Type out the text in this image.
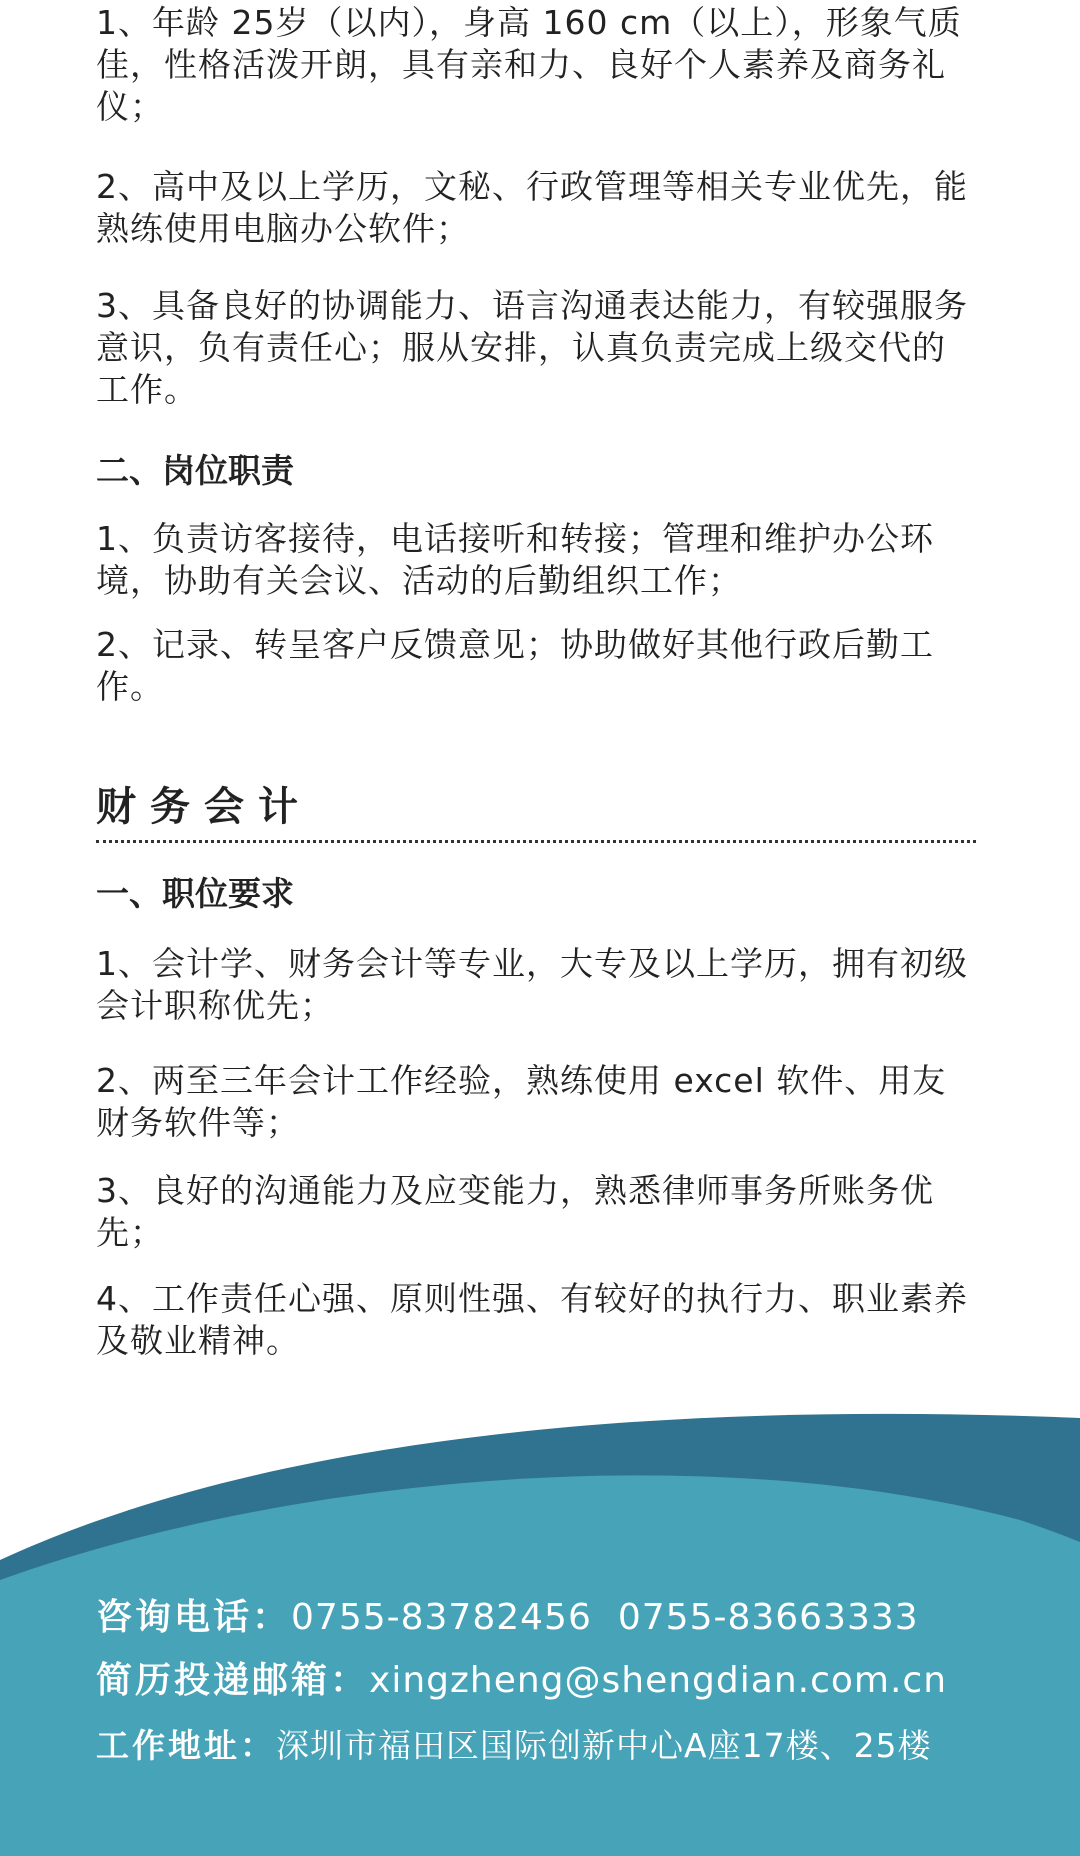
1、年龄 25岁（以内），身高 160 cm（以上），形象气质佳，性格活泼开朗，具有亲和力、良好个人素养及商务礼仪；

2、高中及以上学历，文秘、行政管理等相关专业优先，能熟练使用电脑办公软件；

3、具备良好的协调能力、语言沟通表达能力，有较强服务意识，负有责任心；服从安排，认真负责完成上级交代的工作。

二、岗位职责

1、负责访客接待，电话接听和转接；管理和维护办公环境，协助有关会议、活动的后勤组织工作；

2、记录、转呈客户反馈意见；协助做好其他行政后勤工作。

财务会计

一、职位要求

1、会计学、财务会计等专业，大专及以上学历，拥有初级会计职称优先；

2、两至三年会计工作经验，熟练使用 excel 软件、用友财务软件等；

3、良好的沟通能力及应变能力，熟悉律师事务所账务优先；

4、工作责任心强、原则性强、有较好的执行力、职业素养及敬业精神。

咨询电话：0755-83782456 0755-83663333

简历投递邮箱：xingzheng@shengdian.com.cn

工作地址：深圳市福田区国际创新中心A座17楼、25楼
